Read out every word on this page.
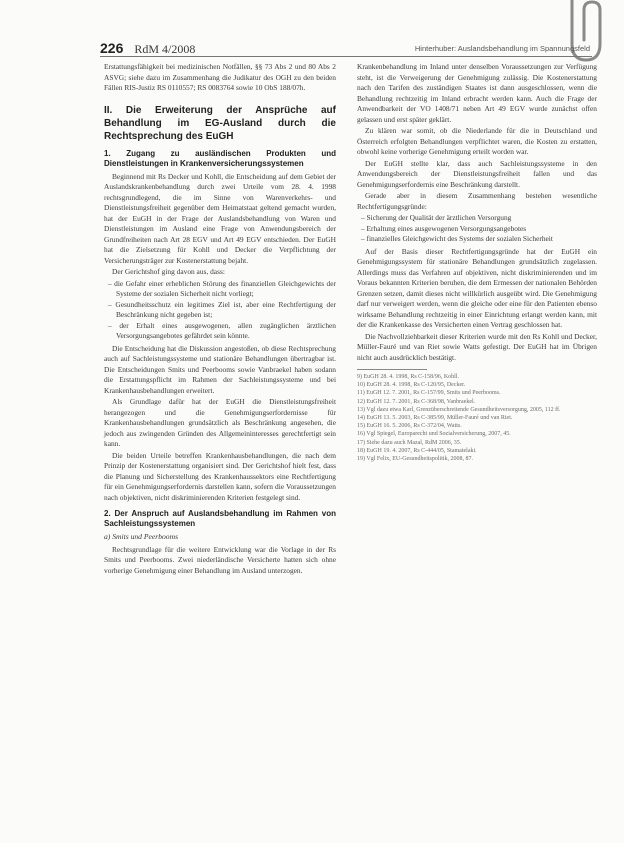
226 RdM 4/2008	Hinterhuber: Auslandsbehandlung im Spannungsfeld

Erstattungsfähigkeit bei medizinischen Notfällen, §§ 73 Abs 2 und 80 Abs 2 ASVG; siehe dazu im Zusammenhang die Judikatur des OGH zu den beiden Fällen RIS-Justiz RS 0110557; RS 0083764 sowie 10 ObS 188/07h.

II. Die Erweiterung der Ansprüche auf Behandlung im EG-Ausland durch die Rechtsprechung des EuGH
1. Zugang zu ausländischen Produkten und Dienstleistungen in Krankenversicherungssystemen

Beginnend mit Rs Decker und Kohll, die Entscheidung auf dem Gebiet der Auslandskrankenbehandlung durch zwei Urteile vom 28. 4. 1998 rechtsgrundlegend, die im Sinne von Warenverkehrs- und Dienstleistungsfreiheit gegenüber dem Heimatstaat geltend gemacht wurden, hat der EuGH in der Frage der Auslandsbehandlung von Waren und Dienstleistungen im Ausland eine Frage von Anwendungsbereich der Grundfreiheiten nach Art 28 EGV und Art 49 EGV entschieden. Der EuGH hat die Zielsetzung für Kohll und Decker die Verpflichtung der Versicherungsträger zur Kostenerstattung bejaht.

Der Gerichtshof ging davon aus, dass:

– die Gefahr einer erheblichen Störung des finanziellen Gleichgewichts der Systeme der sozialen Sicherheit nicht vorliegt;
– Gesundheitsschutz ein legitimes Ziel ist, aber eine Rechtfertigung der Beschränkung nicht gegeben ist;
– der Erhalt eines ausgewogenen, allen zugänglichen ärztlichen Versorgungsangebotes gefährdet sein könnte.

Die Entscheidung hat die Diskussion angestoßen, ob diese Rechtsprechung auch auf Sachleistungssysteme und stationäre Behandlungen übertragbar ist. Die Entscheidungen Smits und Peerbooms sowie Vanbraekel haben sodann die Erstattungspflicht im Rahmen der Sachleistungssysteme und bei Krankenhausbehandlungen erweitert.

Als Grundlage dafür hat der EuGH die Dienstleistungsfreiheit herangezogen und die Genehmigungserfordernisse für Krankenhausbehandlungen grundsätzlich als Beschränkung angesehen, die jedoch aus zwingenden Gründen des Allgemeininteresses gerechtfertigt sein kann.

Die beiden Urteile betreffen Krankenhausbehandlungen, die nach dem Prinzip der Kostenerstattung organisiert sind. Der Gerichtshof hielt fest, dass die Planung und Sicherstellung des Krankenhaussektors eine Rechtfertigung für ein Genehmigungserfordernis darstellen kann, sofern die Voraussetzungen nach objektiven, nicht diskriminierenden Kriterien festgelegt sind.

2. Der Anspruch auf Auslandsbehandlung im Rahmen von Sachleistungssystemen
a) Smits und Peerbooms

Rechtsgrundlage für die weitere Entwicklung war die Vorlage in der Rs Smits und Peerbooms. Zwei niederländische Versicherte hatten sich ohne vorherige Genehmigung einer Behandlung im Ausland unterzogen.

Krankenbehandlung im Inland unter denselben Voraussetzungen zur Verfügung steht, ist die Verweigerung der Genehmigung zulässig. Die Kostenerstattung nach den Tarifen des zuständigen Staates ist dann ausgeschlossen, wenn die Behandlung rechtzeitig im Inland erbracht werden kann. Auch die Frage der Anwendbarkeit der VO 1408/71 neben Art 49 EGV wurde zunächst offen gelassen und erst später geklärt.

Zu klären war somit, ob die Niederlande für die in Deutschland und Österreich erfolgten Behandlungen verpflichtet waren, die Kosten zu erstatten, obwohl keine vorherige Genehmigung erteilt worden war.

Der EuGH stellte klar, dass auch Sachleistungssysteme in den Anwendungsbereich der Dienstleistungsfreiheit fallen und das Genehmigungserfordernis eine Beschränkung darstellt.

Gerade aber in diesem Zusammenhang bestehen wesentliche Rechtfertigungsgründe:

– Sicherung der Qualität der ärztlichen Versorgung
– Erhaltung eines ausgewogenen Versorgungsangebotes
– finanzielles Gleichgewicht des Systems der sozialen Sicherheit

Auf der Basis dieser Rechtfertigungsgründe hat der EuGH ein Genehmigungssystem für stationäre Behandlungen grundsätzlich zugelassen. Allerdings muss das Verfahren auf objektiven, nicht diskriminierenden und im Voraus bekannten Kriterien beruhen, die dem Ermessen der nationalen Behörden Grenzen setzen, damit dieses nicht willkürlich ausgeübt wird. Die Genehmigung darf nur verweigert werden, wenn die gleiche oder eine für den Patienten ebenso wirksame Behandlung rechtzeitig in einer Einrichtung erlangt werden kann, mit der die Krankenkasse des Versicherten einen Vertrag geschlossen hat.

Die Nachvollziehbarkeit dieser Kriterien wurde mit den Rs Kohll und Decker, Müller-Fauré und van Riet sowie Watts gefestigt. Der EuGH hat im Übrigen nicht auch ausdrücklich bestätigt.

9) EuGH 28. 4. 1998, Rs C-158/96, Kohll.

10) EuGH 28. 4. 1998, Rs C-120/95, Decker.

11) EuGH 12. 7. 2001, Rs C-157/99, Smits und Peerbooms.

12) EuGH 12. 7. 2001, Rs C-368/98, Vanbraekel.

13) Vgl dazu etwa Karl, Grenzüberschreitende Gesundheitsversorgung, 2005, 112 ff.

14) EuGH 13. 5. 2003, Rs C-385/99, Müller-Fauré und van Riet.

15) EuGH 16. 5. 2006, Rs C-372/04, Watts.

16) Vgl Spiegel, Europarecht und Sozialversicherung, 2007, 45.

17) Siehe dazu auch Mazal, RdM 2006, 35.

18) EuGH 19. 4. 2007, Rs C-444/05, Stamatelaki.

19) Vgl Felix, EU-Gesundheitspolitik, 2008, 87.
